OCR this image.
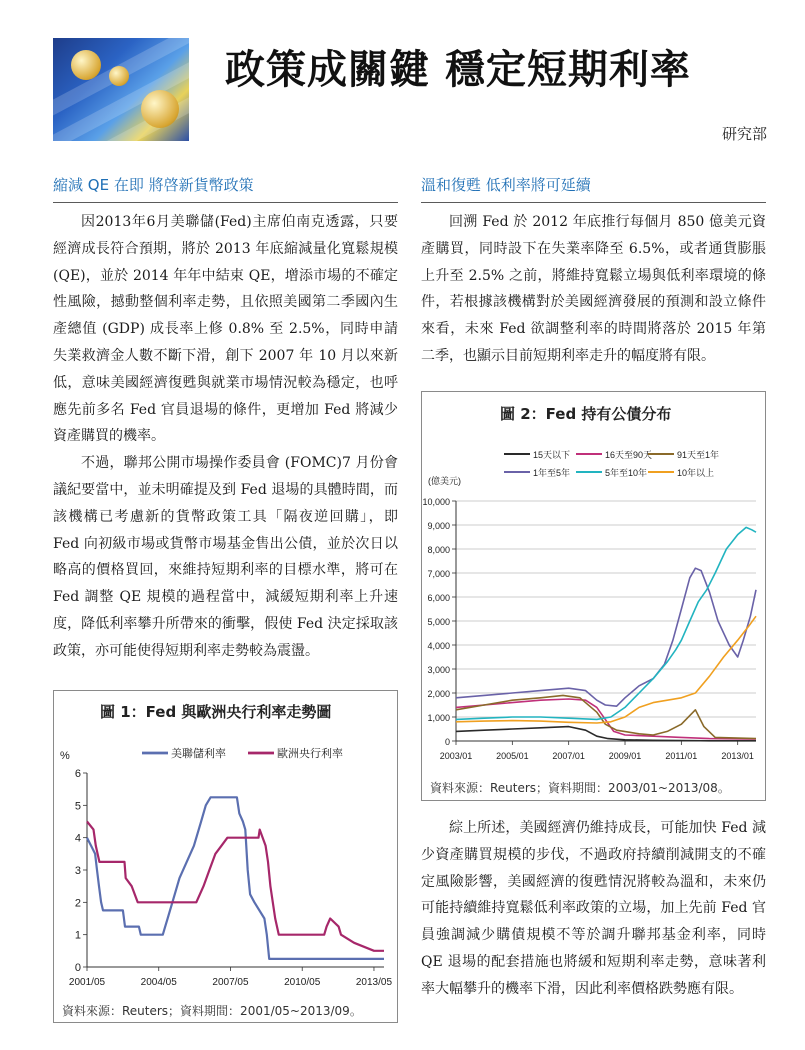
政策成關鍵 穩定短期利率
研究部
縮減 QE 在即 將啓新貨幣政策

因2013年6月美聯儲(Fed)主席伯南克透露，只要經濟成長符合預期，將於 2013 年底縮減量化寬鬆規模 (QE)，並於 2014 年年中結束 QE，增添市場的不確定性風險，撼動整個利率走勢，且依照美國第二季國內生產總值 (GDP) 成長率上修 0.8% 至 2.5%，同時申請失業救濟金人數不斷下滑，創下 2007 年 10 月以來新低，意味美國經濟復甦與就業市場情況較為穩定，也呼應先前多名 Fed 官員退場的條件，更增加 Fed 將減少資產購買的機率。

不過，聯邦公開市場操作委員會 (FOMC)7 月份會議紀要當中，並未明確提及到 Fed 退場的具體時間，而該機構已考慮新的貨幣政策工具「隔夜逆回購」，即 Fed 向初級市場或貨幣市場基金售出公債，並於次日以略高的價格買回，來維持短期利率的目標水準，將可在 Fed 調整 QE 規模的過程當中，減緩短期利率上升速度，降低利率攀升所帶來的衝擊，假使 Fed 決定採取該政策，亦可能使得短期利率走勢較為震盪。

溫和復甦 低利率將可延續

回溯 Fed 於 2012 年底推行每個月 850 億美元資產購買，同時設下在失業率降至 6.5%，或者通貨膨脹上升至 2.5% 之前，將維持寬鬆立場與低利率環境的條件，若根據該機構對於美國經濟發展的預測和設立條件來看，未來 Fed 欲調整利率的時間將落於 2015 年第二季，也顯示目前短期利率走升的幅度將有限。

綜上所述，美國經濟仍維持成長，可能加快 Fed 減少資產購買規模的步伐，不過政府持續削減開支的不確定風險影響，美國經濟的復甦情況將較為溫和，未來仍可能持續維持寬鬆低利率政策的立場，加上先前 Fed 官員強調減少購債規模不等於調升聯邦基金利率，同時 QE 退場的配套措施也將緩和短期利率走勢，意味著利率大幅攀升的機率下滑，因此利率價格跌勢應有限。

圖 1：Fed 與歐洲央行利率走勢圖
0
1
2
3
4
5
6
2001/05	2004/05	2007/05	2010/05	2013/05
%	美聯儲利率	歐洲央行利率
資料來源：Reuters；資料期間：2001/05~2013/09。
圖 2：Fed 持有公債分布
0
1,000
2,000
3,000
4,000
5,000
6,000
7,000
8,000
9,000
10,000
2003/01	2005/01	2007/01	2009/01	2011/01	2013/01
(億美元)
15天以下	16天至90天	91天至1年
1年至5年	5年至10年	10年以上
資料來源：Reuters；資料期間：2003/01~2013/08。
